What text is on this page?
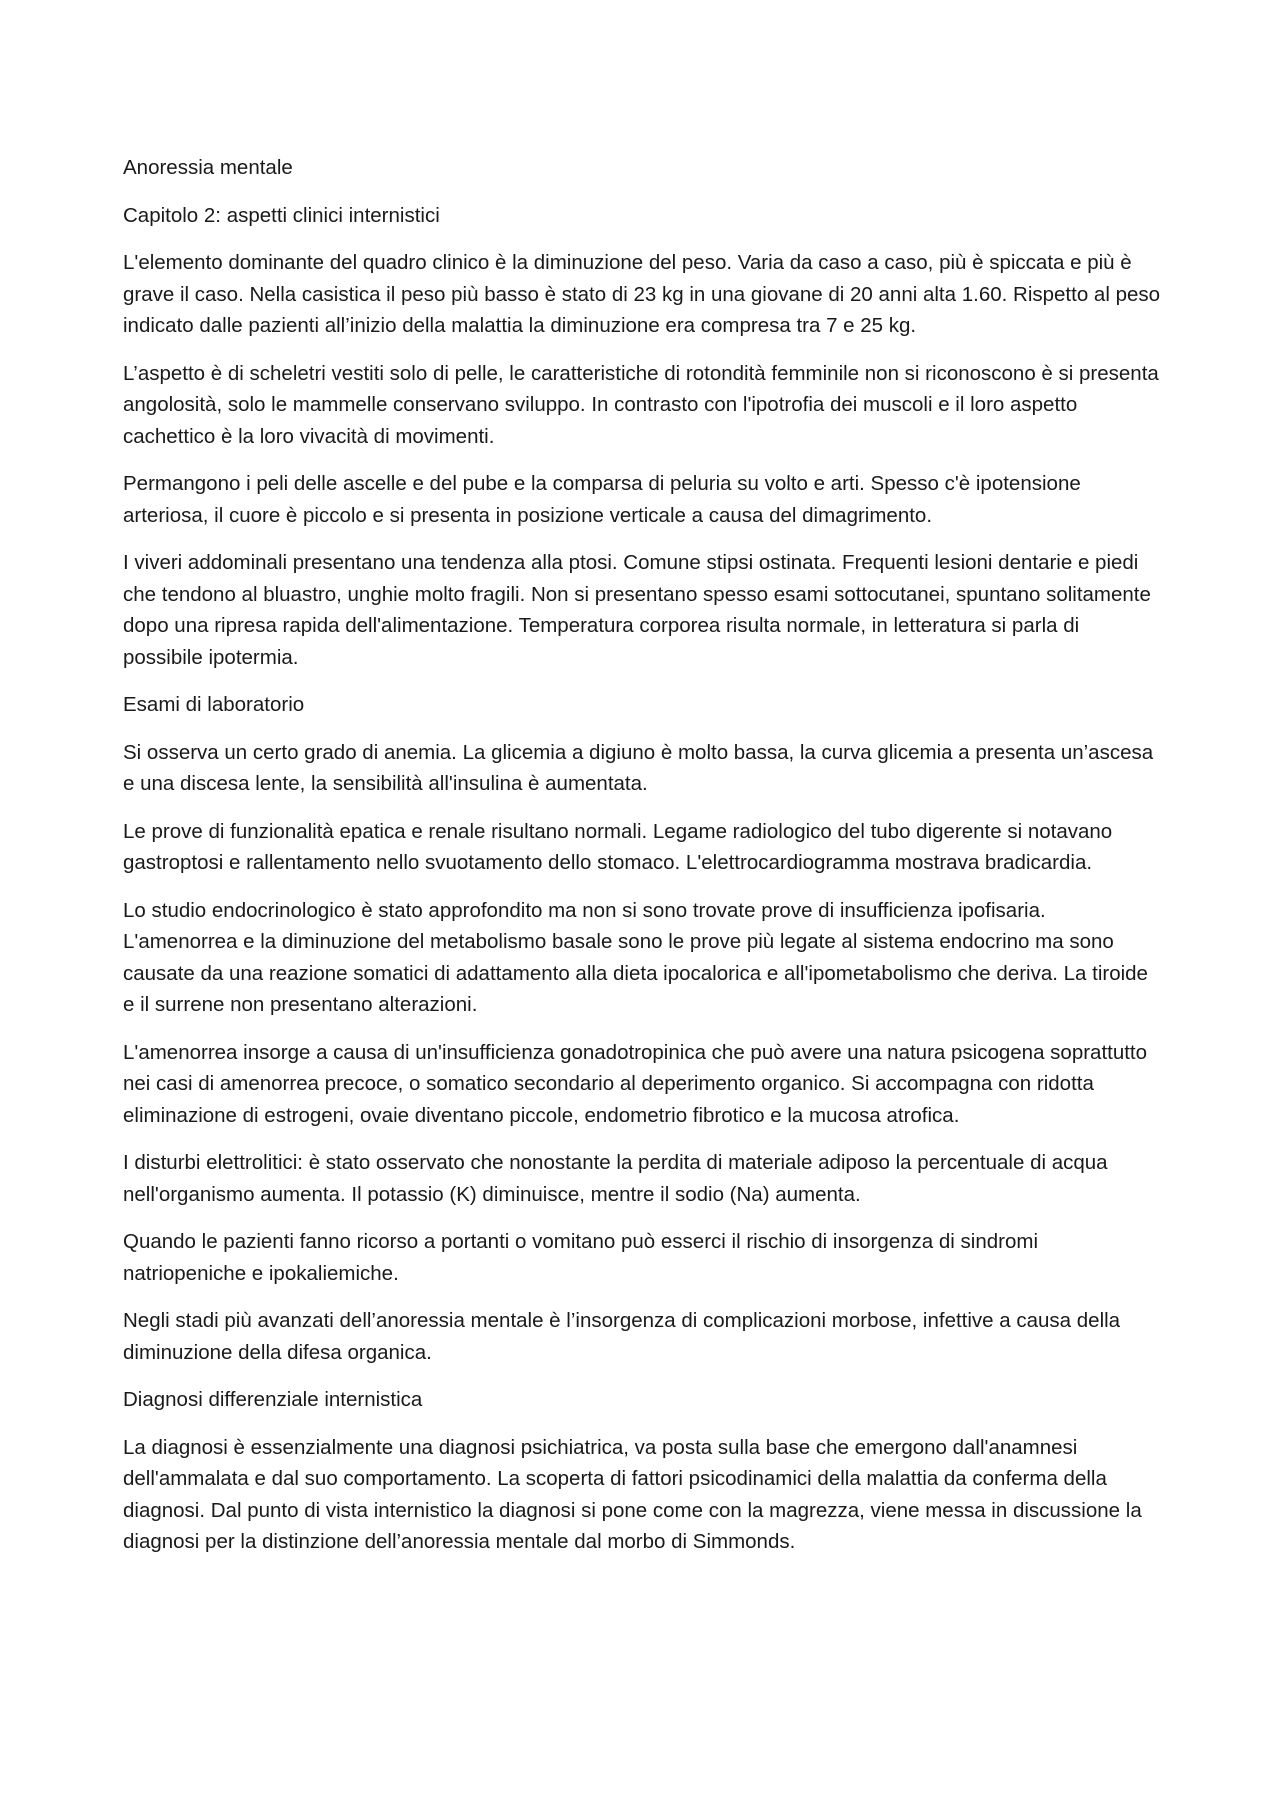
Anoressia mentale

Capitolo 2: aspetti clinici internistici

L'elemento dominante del quadro clinico è la diminuzione del peso. Varia da caso a caso, più è spiccata e più è grave il caso. Nella casistica il peso più basso è stato di 23 kg in una giovane di 20 anni alta 1.60. Rispetto al peso indicato dalle pazienti all’inizio della malattia la diminuzione era compresa tra 7 e 25 kg.

L’aspetto è di scheletri vestiti solo di pelle, le caratteristiche di rotondità femminile non si riconoscono è si presenta angolosità, solo le mammelle conservano sviluppo. In contrasto con l'ipotrofia dei muscoli e il loro aspetto cachettico è la loro vivacità di movimenti.

Permangono i peli delle ascelle e del pube e la comparsa di peluria su volto e arti. Spesso c'è ipotensione arteriosa, il cuore è piccolo e si presenta in posizione verticale a causa del dimagrimento.

I viveri addominali presentano una tendenza alla ptosi. Comune stipsi ostinata. Frequenti lesioni dentarie e piedi che tendono al bluastro, unghie molto fragili. Non si presentano spesso esami sottocutanei, spuntano solitamente dopo una ripresa rapida dell'alimentazione. Temperatura corporea risulta normale, in letteratura si parla di possibile ipotermia.

Esami di laboratorio

Si osserva un certo grado di anemia. La glicemia a digiuno è molto bassa, la curva glicemia a presenta un’ascesa e una discesa lente, la sensibilità all'insulina è aumentata.

Le prove di funzionalità epatica e renale risultano normali. Legame radiologico del tubo digerente si notavano gastroptosi e rallentamento nello svuotamento dello stomaco. L'elettrocardiogramma mostrava bradicardia.

Lo studio endocrinologico è stato approfondito ma non si sono trovate prove di insufficienza ipofisaria. L'amenorrea e la diminuzione del metabolismo basale sono le prove più legate al sistema endocrino ma sono causate da una reazione somatici di adattamento alla dieta ipocalorica e all'ipometabolismo che deriva. La tiroide e il surrene non presentano alterazioni.

L'amenorrea insorge a causa di un'insufficienza gonadotropinica che può avere una natura psicogena soprattutto nei casi di amenorrea precoce, o somatico secondario al deperimento organico. Si accompagna con ridotta eliminazione di estrogeni, ovaie diventano piccole, endometrio fibrotico e la mucosa atrofica.

I disturbi elettrolitici: è stato osservato che nonostante la perdita di materiale adiposo la percentuale di acqua nell'organismo aumenta. Il potassio (K) diminuisce, mentre il sodio (Na) aumenta.

Quando le pazienti fanno ricorso a portanti o vomitano può esserci il rischio di insorgenza di sindromi natriopeniche e ipokaliemiche.

Negli stadi più avanzati dell’anoressia mentale è l’insorgenza di complicazioni morbose, infettive a causa della diminuzione della difesa organica.

Diagnosi differenziale internistica

La diagnosi è essenzialmente una diagnosi psichiatrica, va posta sulla base che emergono dall'anamnesi dell'ammalata e dal suo comportamento. La scoperta di fattori psicodinamici della malattia da conferma della diagnosi. Dal punto di vista internistico la diagnosi si pone come con la magrezza, viene messa in discussione la diagnosi per la distinzione dell’anoressia mentale dal morbo di Simmonds.
